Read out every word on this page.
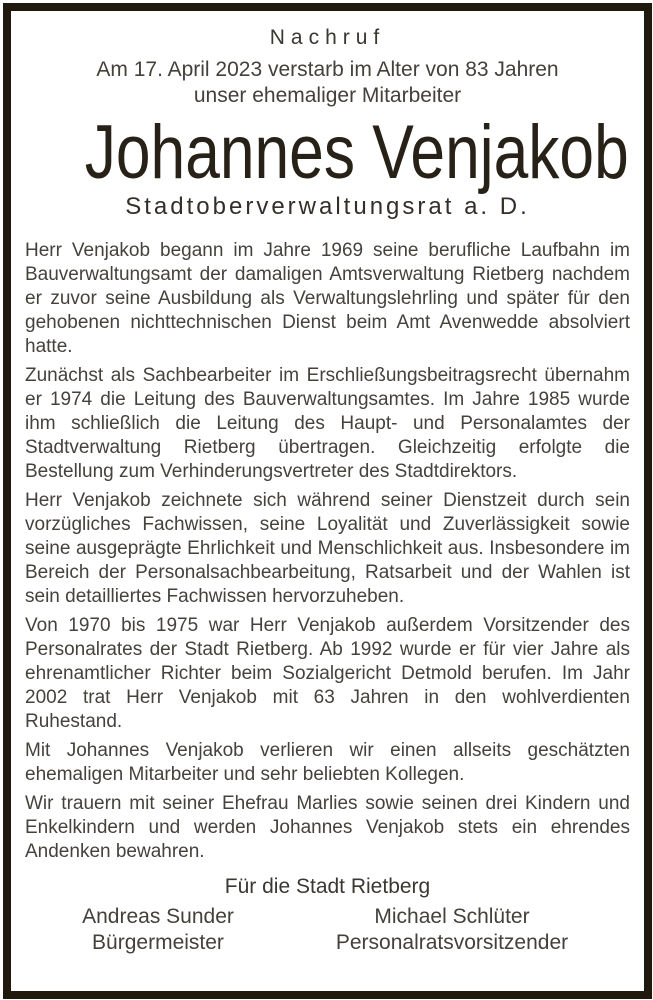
Nachruf
Am 17. April 2023 verstarb im Alter von 83 Jahren
unser ehemaliger Mitarbeiter
Johannes Venjakob
Stadtoberverwaltungsrat a. D.

Herr Venjakob begann im Jahre 1969 seine berufliche Laufbahn im Bauverwaltungsamt der damaligen Amtsverwaltung Rietberg nachdem er zuvor seine Ausbildung als Verwaltungslehrling und später für den gehobenen nichttechnischen Dienst beim Amt Avenwedde absolviert hatte.

Zunächst als Sachbearbeiter im Erschließungsbeitragsrecht übernahm er 1974 die Leitung des Bauverwaltungsamtes. Im Jahre 1985 wurde ihm schließlich die Leitung des Haupt- und Personalamtes der Stadtverwaltung Rietberg übertragen. Gleichzeitig erfolgte die Bestellung zum Verhinderungsvertreter des Stadtdirektors.

Herr Venjakob zeichnete sich während seiner Dienstzeit durch sein vorzügliches Fachwissen, seine Loyalität und Zuverlässigkeit sowie seine ausgeprägte Ehrlichkeit und Menschlichkeit aus. Insbesondere im Bereich der Personalsachbearbeitung, Ratsarbeit und der Wahlen ist sein detailliertes Fachwissen hervorzuheben.

Von 1970 bis 1975 war Herr Venjakob außerdem Vorsitzender des Personalrates der Stadt Rietberg. Ab 1992 wurde er für vier Jahre als ehrenamtlicher Richter beim Sozialgericht Detmold berufen. Im Jahr 2002 trat Herr Venjakob mit 63 Jahren in den wohlverdienten Ruhestand.

Mit Johannes Venjakob verlieren wir einen allseits geschätzten ehemaligen Mitarbeiter und sehr beliebten Kollegen.

Wir trauern mit seiner Ehefrau Marlies sowie seinen drei Kindern und Enkelkindern und werden Johannes Venjakob stets ein ehrendes Andenken bewahren.

Für die Stadt Rietberg
Andreas Sunder
Bürgermeister
Michael Schlüter
Personalratsvorsitzender
